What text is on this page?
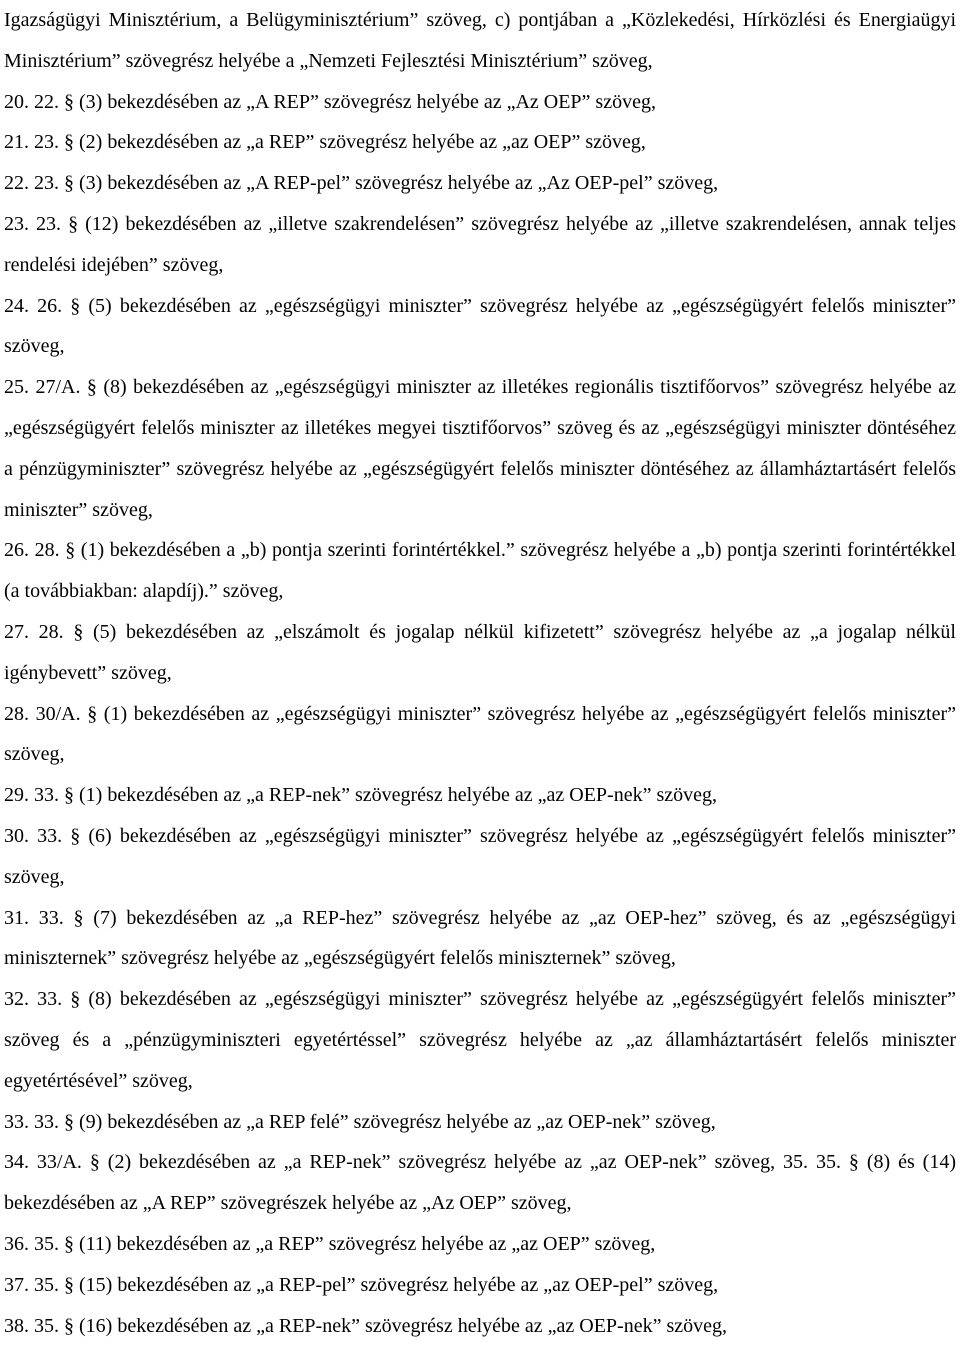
Igazságügyi Minisztérium, a Belügyminisztérium” szöveg, c) pontjában a „Közlekedési, Hírközlési és Energiaügyi Minisztérium” szövegrész helyébe a „Nemzeti Fejlesztési Minisztérium” szöveg,

20. 22. § (3) bekezdésében az „A REP” szövegrész helyébe az „Az OEP” szöveg,

21. 23. § (2) bekezdésében az „a REP” szövegrész helyébe az „az OEP” szöveg,

22. 23. § (3) bekezdésében az „A REP-pel” szövegrész helyébe az „Az OEP-pel” szöveg,

23. 23. § (12) bekezdésében az „illetve szakrendelésen” szövegrész helyébe az „illetve szakrendelésen, annak teljes rendelési idejében” szöveg,

24. 26. § (5) bekezdésében az „egészségügyi miniszter” szövegrész helyébe az „egészségügyért felelős miniszter” szöveg,

25. 27/A. § (8) bekezdésében az „egészségügyi miniszter az illetékes regionális tisztifőorvos” szövegrész helyébe az „egészségügyért felelős miniszter az illetékes megyei tisztifőorvos” szöveg és az „egészségügyi miniszter döntéséhez a pénzügyminiszter” szövegrész helyébe az „egészségügyért felelős miniszter döntéséhez az államháztartásért felelős miniszter” szöveg,

26. 28. § (1) bekezdésében a „b) pontja szerinti forintértékkel.” szövegrész helyébe a „b) pontja szerinti forintértékkel (a továbbiakban: alapdíj).” szöveg,

27. 28. § (5) bekezdésében az „elszámolt és jogalap nélkül kifizetett” szövegrész helyébe az „a jogalap nélkül igénybevett” szöveg,

28. 30/A. § (1) bekezdésében az „egészségügyi miniszter” szövegrész helyébe az „egészségügyért felelős miniszter” szöveg,

29. 33. § (1) bekezdésében az „a REP-nek” szövegrész helyébe az „az OEP-nek” szöveg,

30. 33. § (6) bekezdésében az „egészségügyi miniszter” szövegrész helyébe az „egészségügyért felelős miniszter” szöveg,

31. 33. § (7) bekezdésében az „a REP-hez” szövegrész helyébe az „az OEP-hez” szöveg, és az „egészségügyi miniszternek” szövegrész helyébe az „egészségügyért felelős miniszternek” szöveg,

32. 33. § (8) bekezdésében az „egészségügyi miniszter” szövegrész helyébe az „egészségügyért felelős miniszter” szöveg és a „pénzügyminiszteri egyetértéssel” szövegrész helyébe az „az államháztartásért felelős miniszter egyetértésével” szöveg,

33. 33. § (9) bekezdésében az „a REP felé” szövegrész helyébe az „az OEP-nek” szöveg,

34. 33/A. § (2) bekezdésében az „a REP-nek” szövegrész helyébe az „az OEP-nek” szöveg, 35. 35. § (8) és (14) bekezdésében az „A REP” szövegrészek helyébe az „Az OEP” szöveg,

36. 35. § (11) bekezdésében az „a REP” szövegrész helyébe az „az OEP” szöveg,

37. 35. § (15) bekezdésében az „a REP-pel” szövegrész helyébe az „az OEP-pel” szöveg,

38. 35. § (16) bekezdésében az „a REP-nek” szövegrész helyébe az „az OEP-nek” szöveg,
